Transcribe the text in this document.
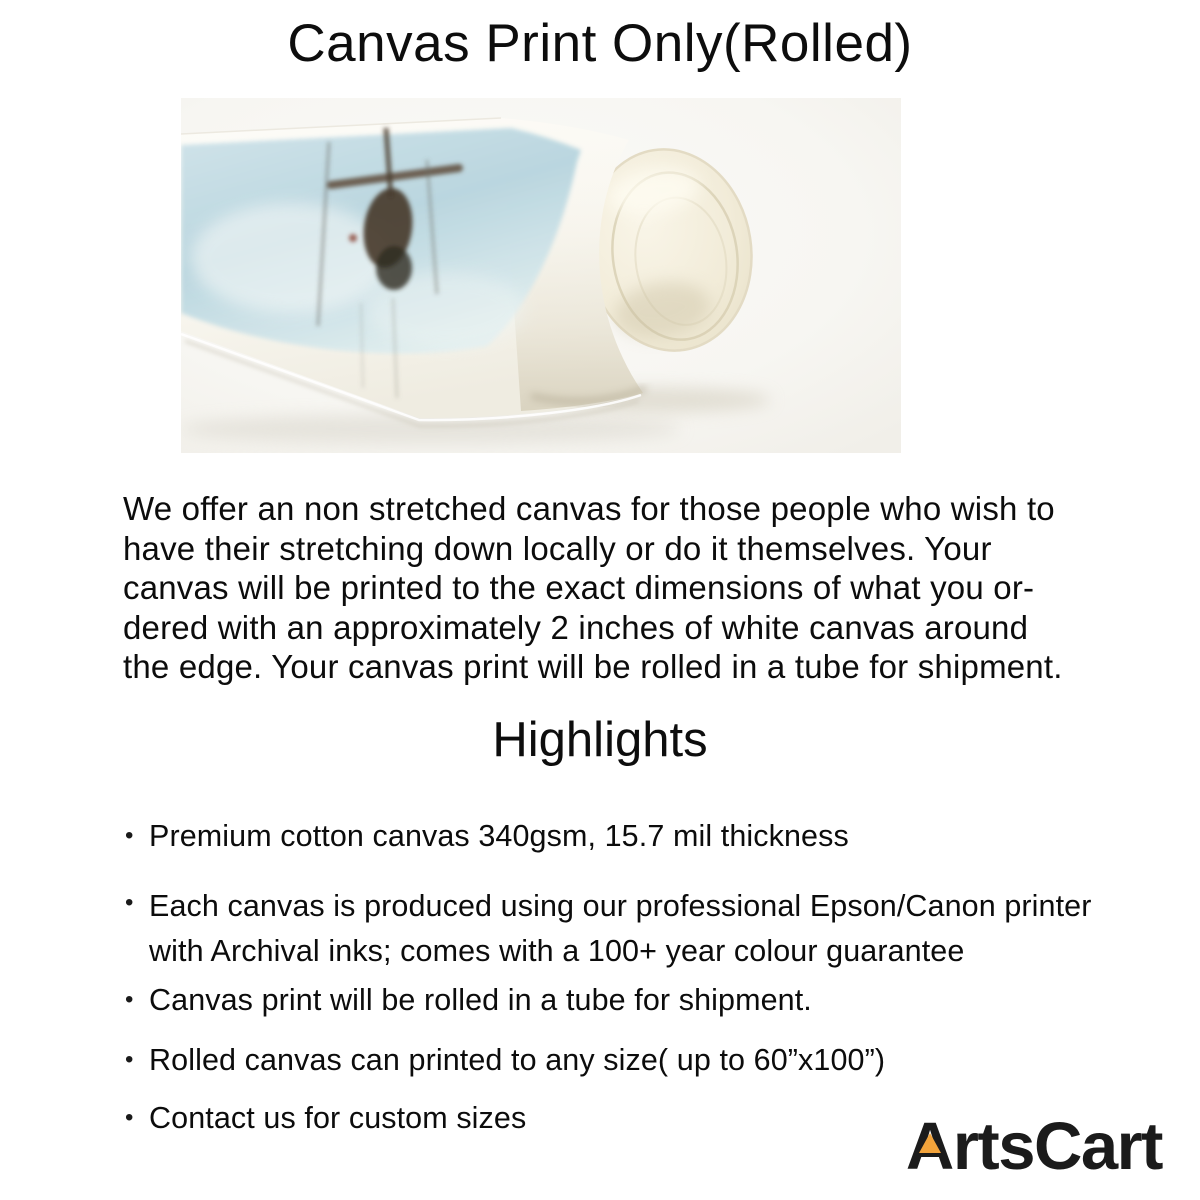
Canvas Print Only(Rolled)
We offer an non stretched canvas for those people who wish to
have their stretching down locally or do it themselves. Your
canvas will be printed to the exact dimensions of what you or-
dered with an approximately 2 inches of white canvas around
the edge. Your canvas print will be rolled in a tube for shipment.
Highlights
• Premium cotton canvas 340gsm, 15.7 mil thickness
• Each canvas is produced using our professional Epson/Canon printer with Archival inks; comes with a 100+ year colour guarantee
• Canvas print will be rolled in a tube for shipment.
• Rolled canvas can printed to any size( up to 60”x100”)
• Contact us for custom sizes	A
rtsCart
